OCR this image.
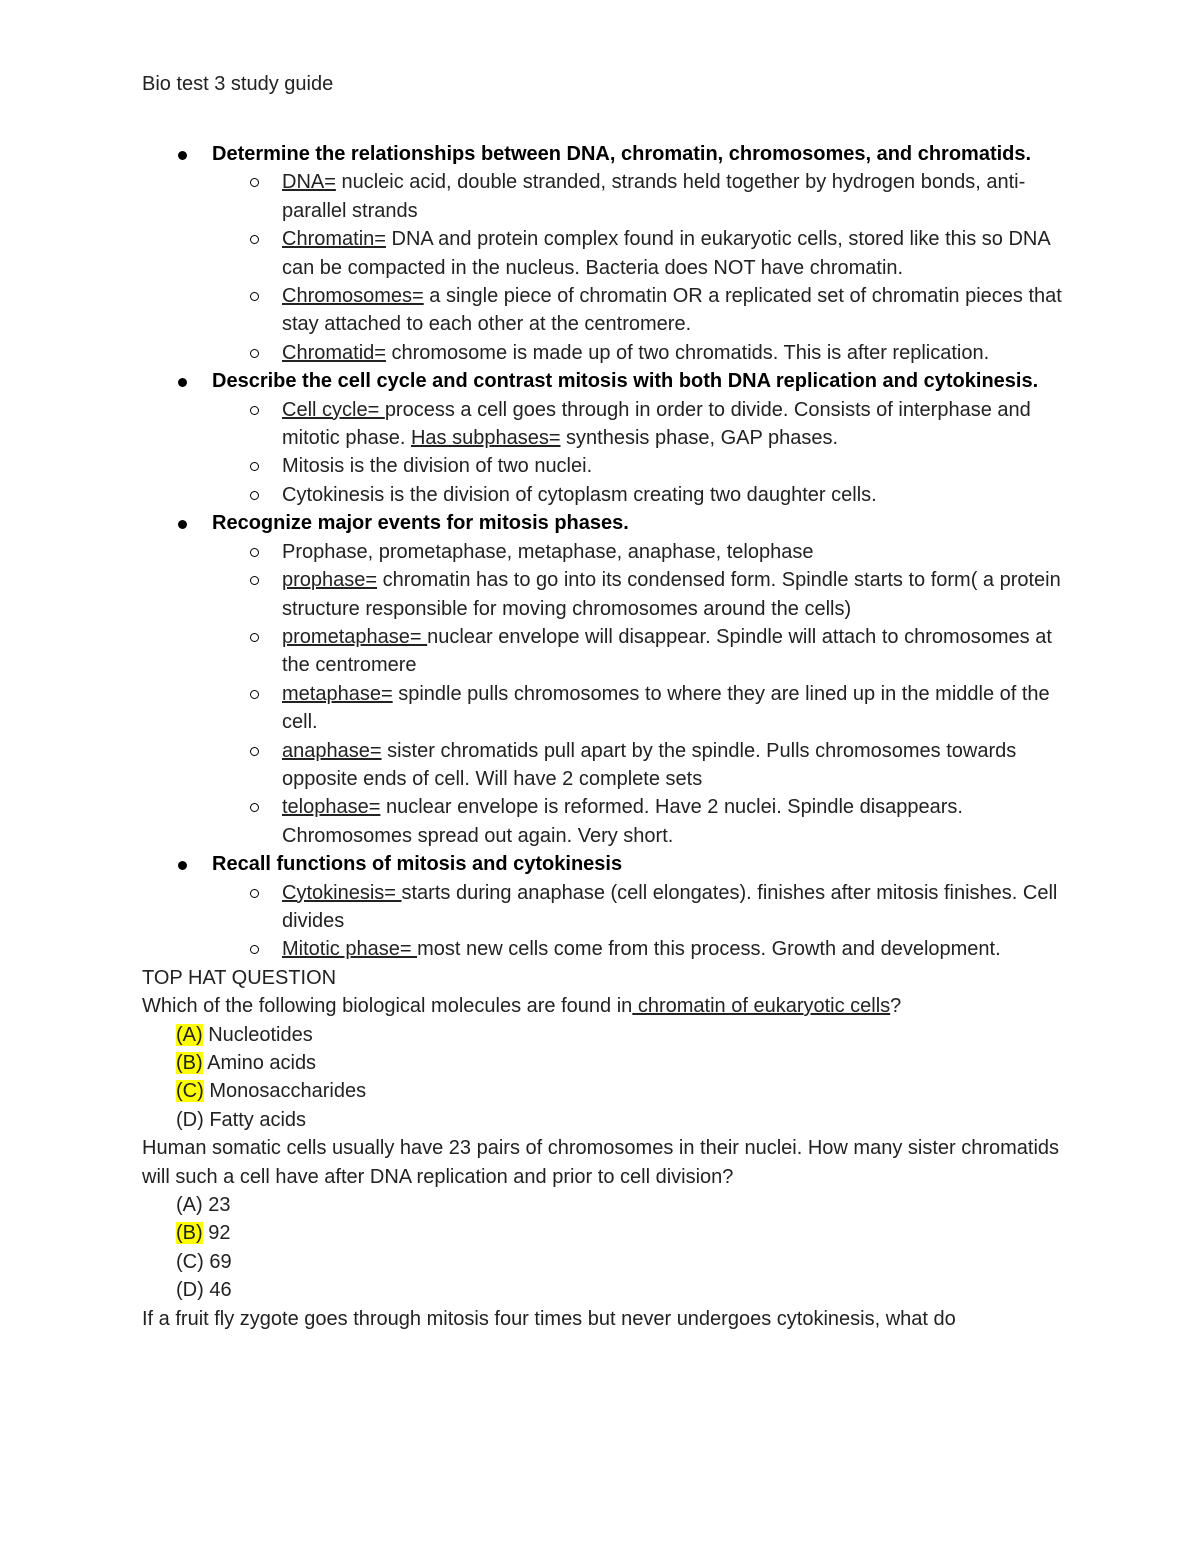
Bio test 3 study guide
Determine the relationships between DNA, chromatin, chromosomes, and chromatids.
DNA= nucleic acid, double stranded, strands held together by hydrogen bonds, anti-parallel strands
Chromatin= DNA and protein complex found in eukaryotic cells, stored like this so DNA can be compacted in the nucleus. Bacteria does NOT have chromatin.
Chromosomes= a single piece of chromatin OR a replicated set of chromatin pieces that stay attached to each other at the centromere.
Chromatid= chromosome is made up of two chromatids. This is after replication.
Describe the cell cycle and contrast mitosis with both DNA replication and cytokinesis.
Cell cycle= process a cell goes through in order to divide. Consists of interphase and mitotic phase. Has subphases= synthesis phase, GAP phases.
Mitosis is the division of two nuclei.
Cytokinesis is the division of cytoplasm creating two daughter cells.
Recognize major events for mitosis phases.
Prophase, prometaphase, metaphase, anaphase, telophase
prophase= chromatin has to go into its condensed form. Spindle starts to form( a protein structure responsible for moving chromosomes around the cells)
prometaphase= nuclear envelope will disappear. Spindle will attach to chromosomes at the centromere
metaphase= spindle pulls chromosomes to where they are lined up in the middle of the cell.
anaphase= sister chromatids pull apart by the spindle. Pulls chromosomes towards opposite ends of cell. Will have 2 complete sets
telophase= nuclear envelope is reformed. Have 2 nuclei. Spindle disappears. Chromosomes spread out again. Very short.
Recall functions of mitosis and cytokinesis
Cytokinesis= starts during anaphase (cell elongates). finishes after mitosis finishes. Cell divides
Mitotic phase= most new cells come from this process. Growth and development.
TOP HAT QUESTION
Which of the following biological molecules are found in chromatin of eukaryotic cells?
(A) Nucleotides
(B) Amino acids
(C) Monosaccharides
(D) Fatty acids
Human somatic cells usually have 23 pairs of chromosomes in their nuclei. How many sister chromatids will such a cell have after DNA replication and prior to cell division?
(A) 23
(B) 92
(C) 69
(D) 46
If a fruit fly zygote goes through mitosis four times but never undergoes cytokinesis, what do
